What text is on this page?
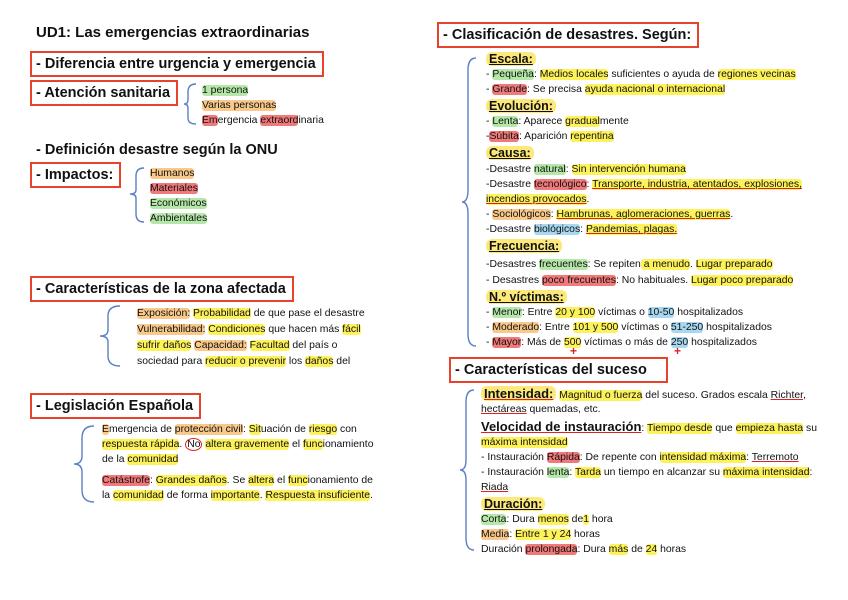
UD1: Las emergencias extraordinarias
- Diferencia entre urgencia y emergencia
- Atención sanitaria	1 persona
Varias personas
Emergencia extraordinaria
- Definición desastre según la ONU
- Impactos:	Humanos
Materiales
Económicos
Ambientales
- Características de la zona afectada
Exposición: Probabilidad de que pase el desastre
Vulnerabilidad: Condiciones que hacen más fácil
sufrir daños Capacidad: Facultad del país o
sociedad para reducir o prevenir los daños del
- Legislación Española
Emergencia de protección civil: Situación de riesgo con
respuesta rápida. No altera gravemente el funcionamiento
de la comunidad
Catástrofe: Grandes daños. Se altera el funcionamiento de
la comunidad de forma importante. Respuesta insuficiente.
- Clasificación de desastres. Según:
Escala:
- Pequeña: Medios locales suficientes o ayuda de regiones vecinas
- Grande: Se precisa ayuda nacional o internacional
Evolución:
- Lenta: Aparece gradualmente
-Súbita: Aparición repentina
Causa:
-Desastre natural: Sin intervención humana
-Desastre tecnológico: Transporte, industria, atentados, explosiones,
incendios provocados.
- Sociológicos: Hambrunas, aglomeraciones, guerras.
-Desastre biológicos: Pandemias, plagas.
Frecuencia:
-Desastres frecuentes: Se repiten a menudo. Lugar preparado
- Desastres poco frecuentes: No habituales. Lugar poco preparado
N.º víctimas:
- Menor: Entre 20 y 100 víctimas o 10-50 hospitalizados
- Moderado: Entre 101 y 500 víctimas o 51-250 hospitalizados
- Mayor: Más de 500 víctimas o más de 250 hospitalizados
+	+
- Características del suceso
Intensidad: Magnitud o fuerza del suceso. Grados escala Richter,
hectáreas quemadas, etc.
Velocidad de instauración: Tiempo desde que empieza hasta su
máxima intensidad
- Instauración Rápida: De repente con intensidad máxima: Terremoto
- Instauración lenta: Tarda un tiempo en alcanzar su máxima intensidad:
Riada
Duración:
Corta: Dura menos de1 hora
Media: Entre 1 y 24 horas
Duración prolongada: Dura más de 24 horas
